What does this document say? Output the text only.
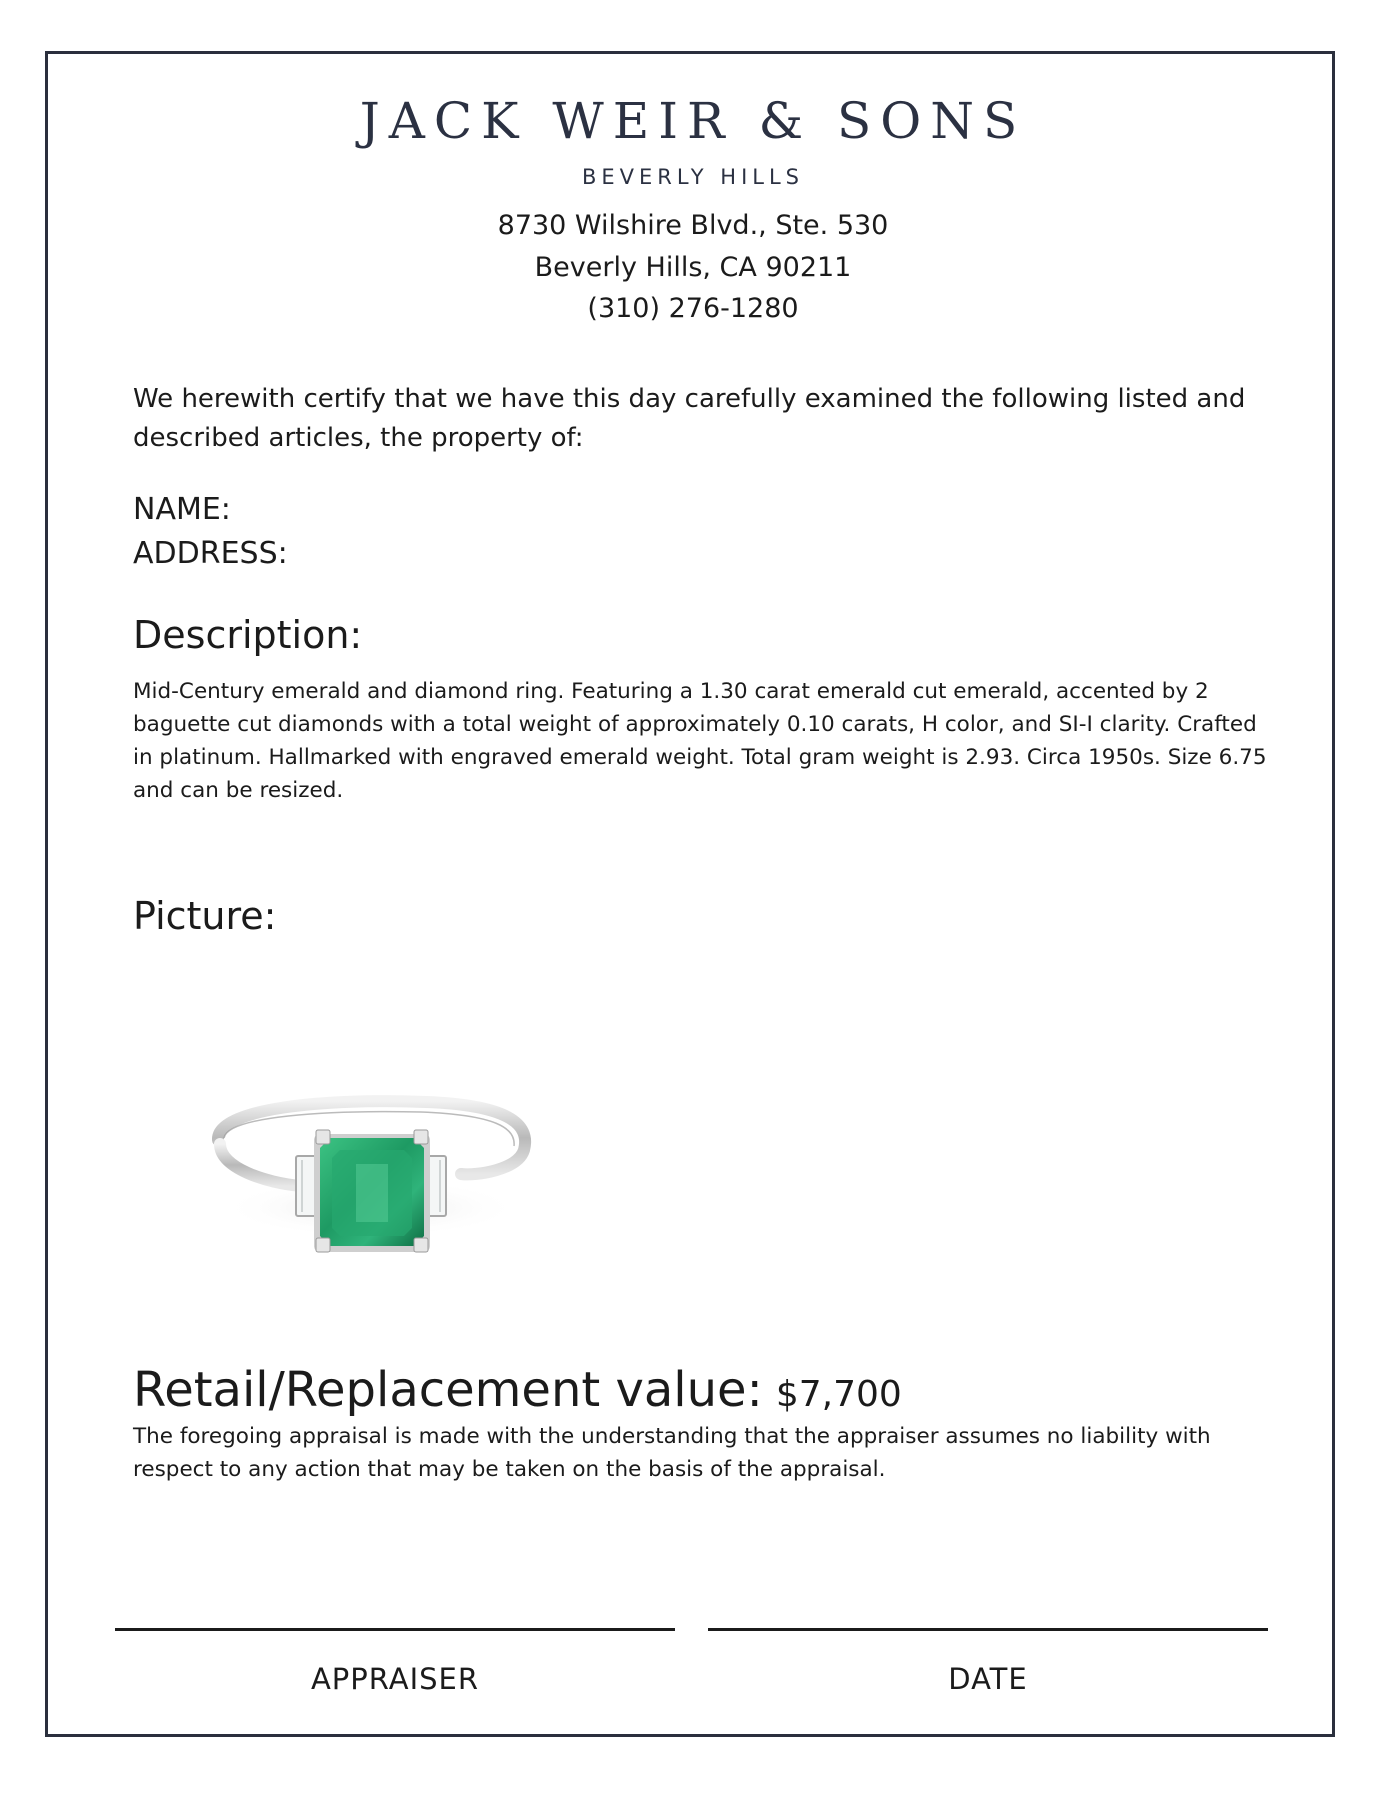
JACK WEIR & SONS
BEVERLY HILLS
8730 Wilshire Blvd., Ste. 530
Beverly Hills, CA 90211
(310) 276-1280
We herewith certify that we have this day carefully examined the following listed and described articles, the property of:
NAME:
ADDRESS:
Description:
Mid-Century emerald and diamond ring. Featuring a 1.30 carat emerald cut emerald, accented by 2 baguette cut diamonds with a total weight of approximately 0.10 carats, H color, and SI-I clarity. Crafted in platinum. Hallmarked with engraved emerald weight. Total gram weight is 2.93. Circa 1950s. Size 6.75 and can be resized.
Picture:
Retail/Replacement value: $7,700
The foregoing appraisal is made with the understanding that the appraiser assumes no liability with respect to any action that may be taken on the basis of the appraisal.
APPRAISER	DATE
